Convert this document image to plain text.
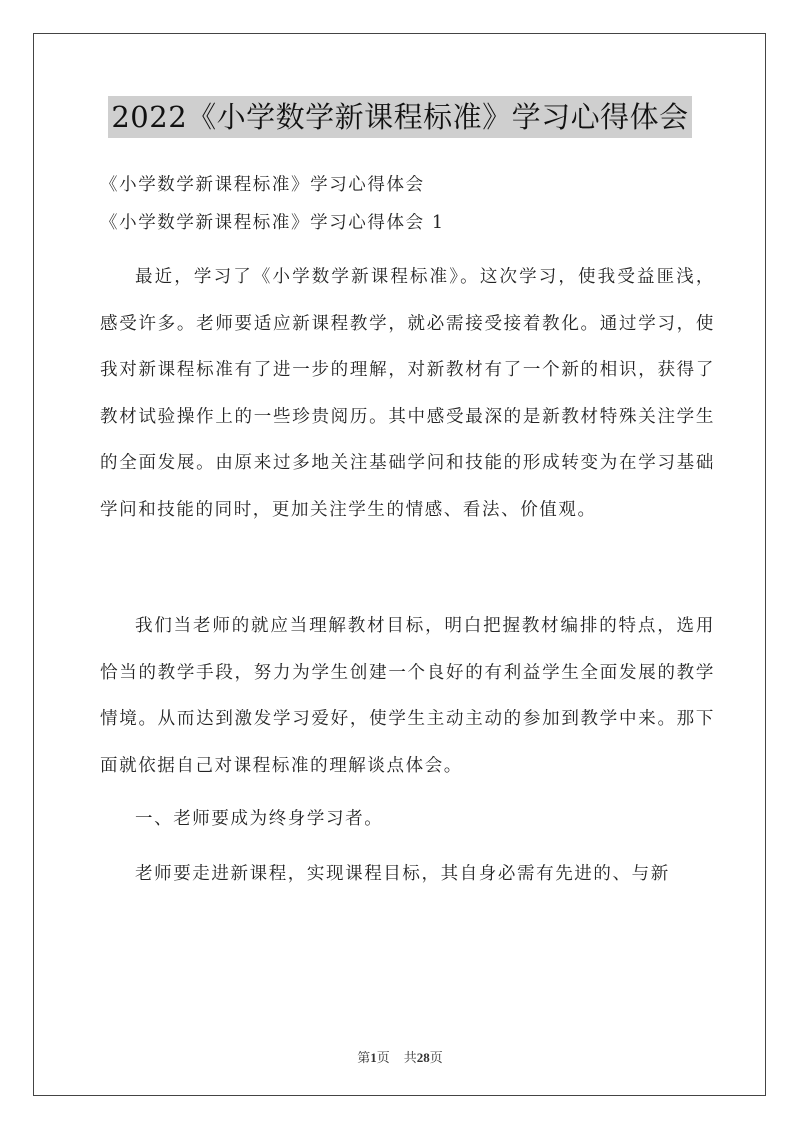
2022《小学数学新课程标准》学习心得体会
《小学数学新课程标准》学习心得体会
《小学数学新课程标准》学习心得体会 1

最近，学习了《小学数学新课程标准》。这次学习，使我受益匪浅，感受许多。老师要适应新课程教学，就必需接受接着教化。通过学习，使我对新课程标准有了进一步的理解，对新教材有了一个新的相识，获得了教材试验操作上的一些珍贵阅历。其中感受最深的是新教材特殊关注学生的全面发展。由原来过多地关注基础学问和技能的形成转变为在学习基础学问和技能的同时，更加关注学生的情感、看法、价值观。

我们当老师的就应当理解教材目标，明白把握教材编排的特点，选用恰当的教学手段，努力为学生创建一个良好的有利益学生全面发展的教学情境。从而达到激发学习爱好，使学生主动主动的参加到教学中来。那下面就依据自己对课程标准的理解谈点体会。

一、老师要成为终身学习者。

老师要走进新课程，实现课程目标，其自身必需有先进的、与新

第1页 共28页
